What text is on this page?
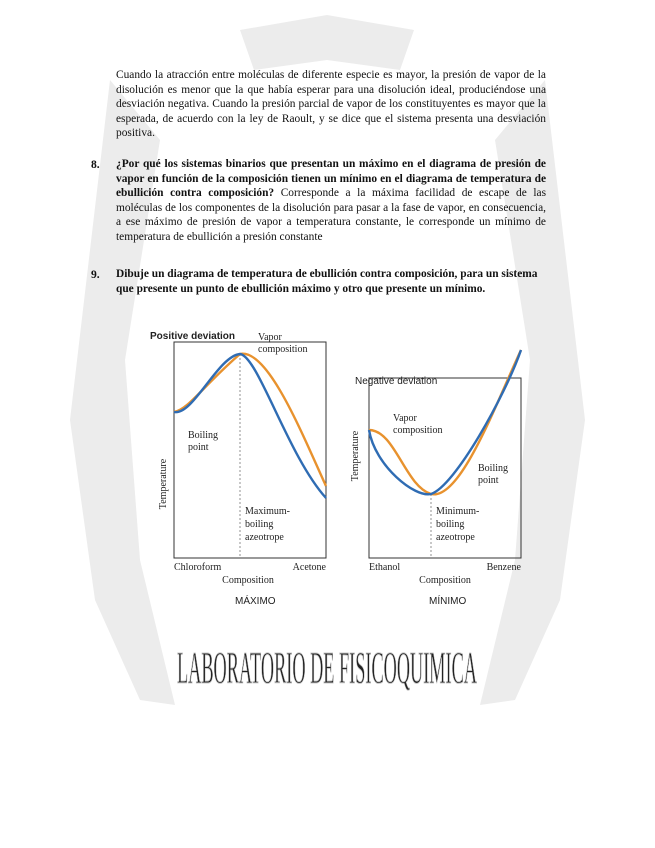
LABORATORIO DE FISICOQUIMICA

Cuando la atracción entre moléculas de diferente especie es mayor, la presión de vapor de la disolución es menor que la que había esperar para una disolución ideal, produciéndose una desviación negativa. Cuando la presión parcial de vapor de los constituyentes es mayor que la esperada, de acuerdo con la ley de Raoult, y se dice que el sistema presenta una desviación positiva.

8. ¿Por qué los sistemas binarios que presentan un máximo en el diagrama de presión de vapor en función de la composición tienen un mínimo en el diagrama de temperatura de ebullición contra composición? Corresponde a la máxima facilidad de escape de las moléculas de los componentes de la disolución para pasar a la fase de vapor, en consecuencia, a ese máximo de presión de vapor a temperatura constante, le corresponde un mínimo de temperatura de ebullición a presión constante

9. Dibuje un diagrama de temperatura de ebullición contra composición, para un sistema que presente un punto de ebullición máximo y otro que presente un mínimo.

Positive deviation Vapor
composition
Boiling
point
Maximum-
boiling
azeotrope
Temperature
Chloroform	Acetone
Composition
MÁXIMO
Negative deviation
Vapor
composition
Boiling
point
Minimum-
boiling
azeotrope
Temperature
Ethanol	Benzene
Composition
MÍNIMO
